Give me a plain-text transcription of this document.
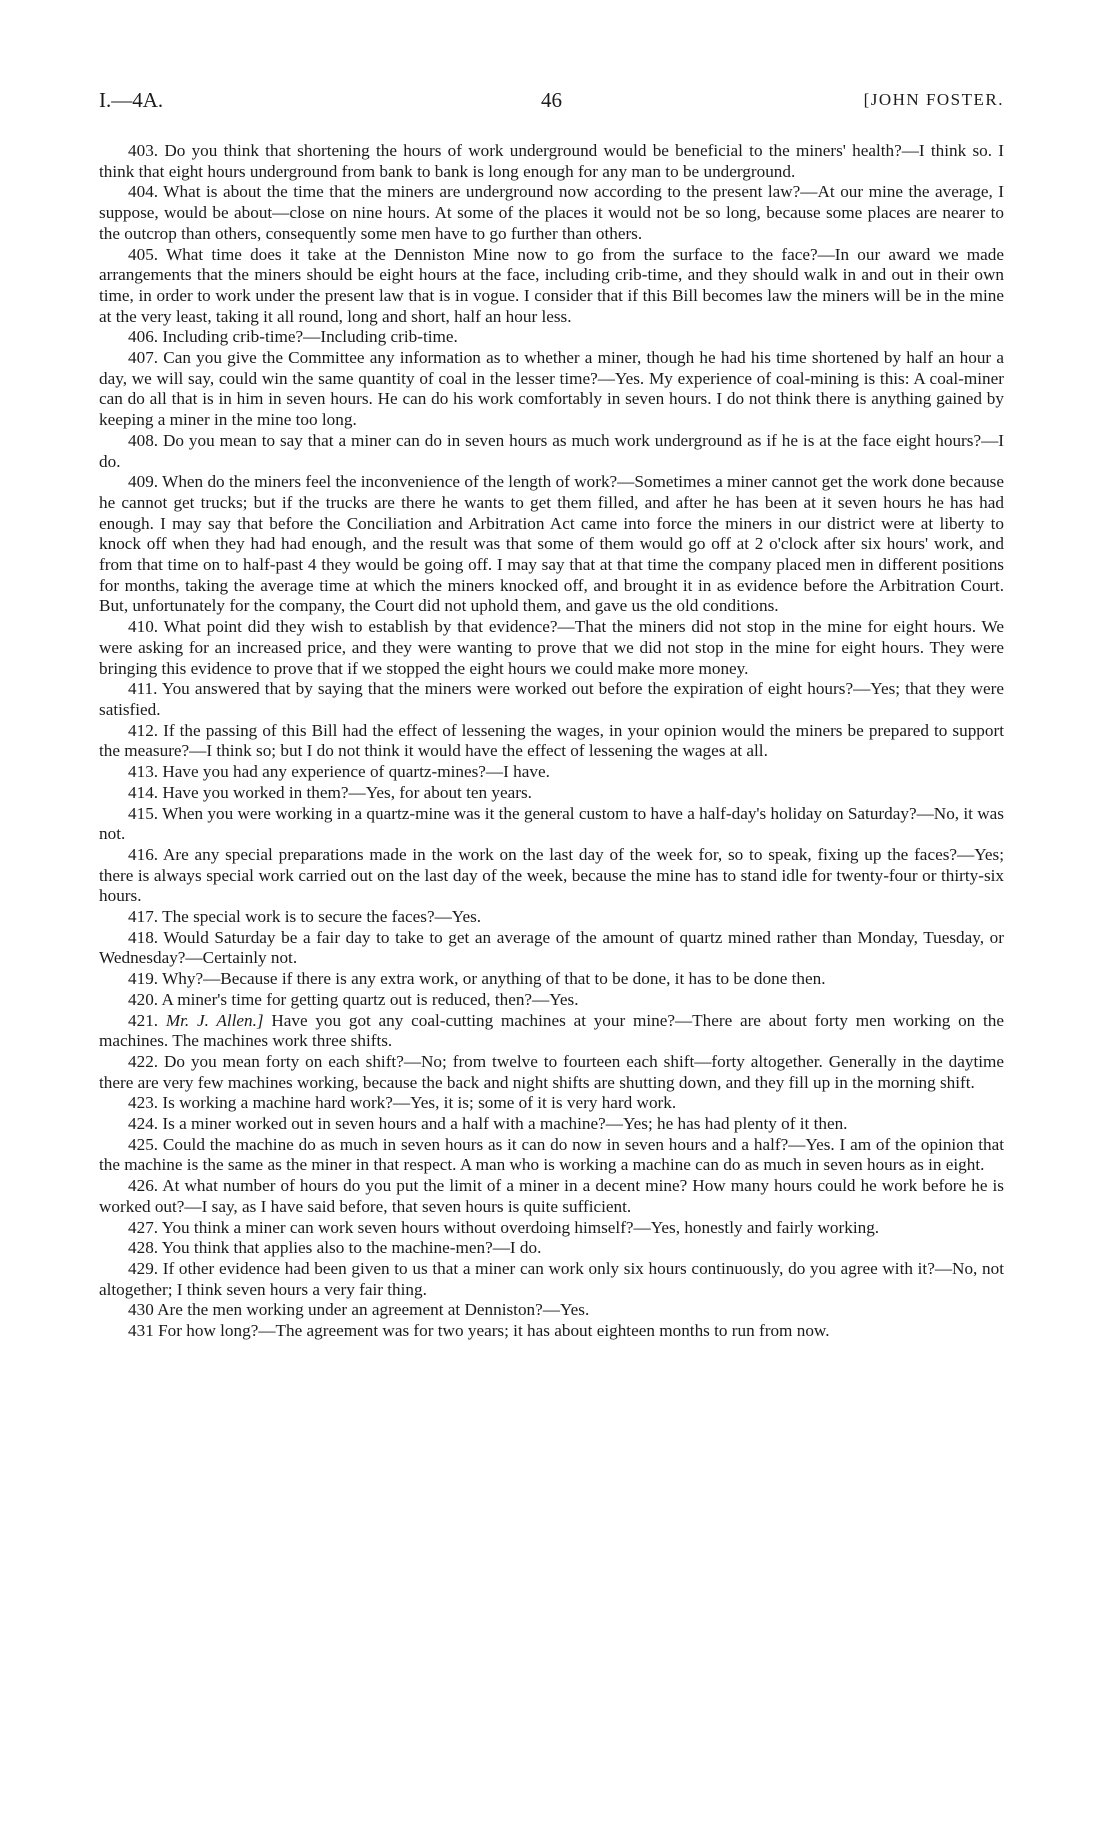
I.—4A.	46	[JOHN FOSTER.

403. Do you think that shortening the hours of work underground would be beneficial to the miners' health?—I think so. I think that eight hours underground from bank to bank is long enough for any man to be underground.

404. What is about the time that the miners are underground now according to the present law?—At our mine the average, I suppose, would be about—close on nine hours. At some of the places it would not be so long, because some places are nearer to the outcrop than others, consequently some men have to go further than others.

405. What time does it take at the Denniston Mine now to go from the surface to the face?—In our award we made arrangements that the miners should be eight hours at the face, including crib-time, and they should walk in and out in their own time, in order to work under the present law that is in vogue. I consider that if this Bill becomes law the miners will be in the mine at the very least, taking it all round, long and short, half an hour less.

406. Including crib-time?—Including crib-time.

407. Can you give the Committee any information as to whether a miner, though he had his time shortened by half an hour a day, we will say, could win the same quantity of coal in the lesser time?—Yes. My experience of coal-mining is this: A coal-miner can do all that is in him in seven hours. He can do his work comfortably in seven hours. I do not think there is anything gained by keeping a miner in the mine too long.

408. Do you mean to say that a miner can do in seven hours as much work underground as if he is at the face eight hours?—I do.

409. When do the miners feel the inconvenience of the length of work?—Sometimes a miner cannot get the work done because he cannot get trucks; but if the trucks are there he wants to get them filled, and after he has been at it seven hours he has had enough. I may say that before the Conciliation and Arbitration Act came into force the miners in our district were at liberty to knock off when they had had enough, and the result was that some of them would go off at 2 o'clock after six hours' work, and from that time on to half-past 4 they would be going off. I may say that at that time the company placed men in different positions for months, taking the average time at which the miners knocked off, and brought it in as evidence before the Arbitration Court. But, unfortunately for the company, the Court did not uphold them, and gave us the old conditions.

410. What point did they wish to establish by that evidence?—That the miners did not stop in the mine for eight hours. We were asking for an increased price, and they were wanting to prove that we did not stop in the mine for eight hours. They were bringing this evidence to prove that if we stopped the eight hours we could make more money.

411. You answered that by saying that the miners were worked out before the expiration of eight hours?—Yes; that they were satisfied.

412. If the passing of this Bill had the effect of lessening the wages, in your opinion would the miners be prepared to support the measure?—I think so; but I do not think it would have the effect of lessening the wages at all.

413. Have you had any experience of quartz-mines?—I have.

414. Have you worked in them?—Yes, for about ten years.

415. When you were working in a quartz-mine was it the general custom to have a half-day's holiday on Saturday?—No, it was not.

416. Are any special preparations made in the work on the last day of the week for, so to speak, fixing up the faces?—Yes; there is always special work carried out on the last day of the week, because the mine has to stand idle for twenty-four or thirty-six hours.

417. The special work is to secure the faces?—Yes.

418. Would Saturday be a fair day to take to get an average of the amount of quartz mined rather than Monday, Tuesday, or Wednesday?—Certainly not.

419. Why?—Because if there is any extra work, or anything of that to be done, it has to be done then.

420. A miner's time for getting quartz out is reduced, then?—Yes.

421. Mr. J. Allen.] Have you got any coal-cutting machines at your mine?—There are about forty men working on the machines. The machines work three shifts.

422. Do you mean forty on each shift?—No; from twelve to fourteen each shift—forty altogether. Generally in the daytime there are very few machines working, because the back and night shifts are shutting down, and they fill up in the morning shift.

423. Is working a machine hard work?—Yes, it is; some of it is very hard work.

424. Is a miner worked out in seven hours and a half with a machine?—Yes; he has had plenty of it then.

425. Could the machine do as much in seven hours as it can do now in seven hours and a half?—Yes. I am of the opinion that the machine is the same as the miner in that respect. A man who is working a machine can do as much in seven hours as in eight.

426. At what number of hours do you put the limit of a miner in a decent mine? How many hours could he work before he is worked out?—I say, as I have said before, that seven hours is quite sufficient.

427. You think a miner can work seven hours without overdoing himself?—Yes, honestly and fairly working.

428. You think that applies also to the machine-men?—I do.

429. If other evidence had been given to us that a miner can work only six hours continuously, do you agree with it?—No, not altogether; I think seven hours a very fair thing.

430 Are the men working under an agreement at Denniston?—Yes.

431 For how long?—The agreement was for two years; it has about eighteen months to run from now.
